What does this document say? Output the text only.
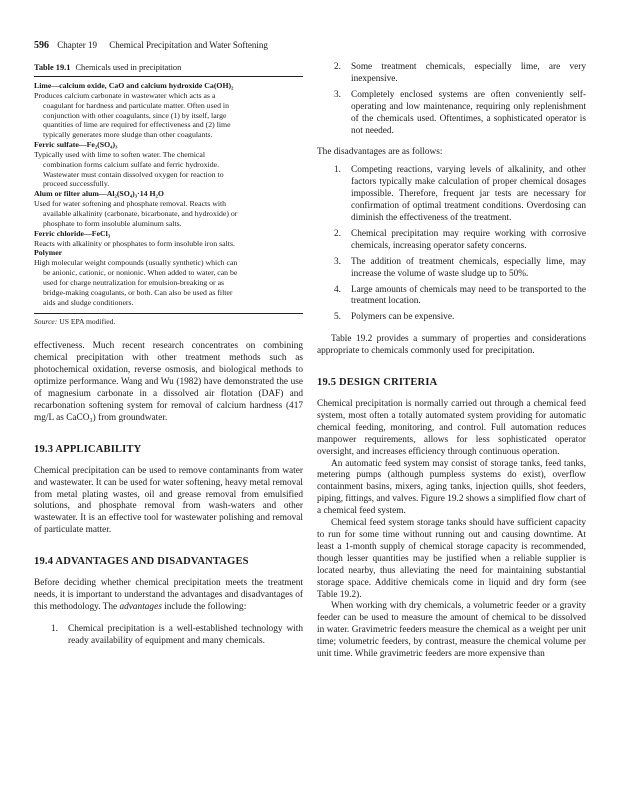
596 Chapter 19 Chemical Precipitation and Water Softening
Table 19.1 Chemicals used in precipitation
Lime—calcium oxide, CaO and calcium hydroxide Ca(OH)₂
Produces calcium carbonate in wastewater which acts as a
coagulant for hardness and particulate matter. Often used in
conjunction with other coagulants, since (1) by itself, large
quantities of lime are required for effectiveness and (2) lime
typically generates more sludge than other coagulants.
Ferric sulfate—Fe₂(SO₄)₃
Typically used with lime to soften water. The chemical
combination forms calcium sulfate and ferric hydroxide.
Wastewater must contain dissolved oxygen for reaction to
proceed successfully.
Alum or filter alum—Al₂(SO₄)₃·14 H₂O
Used for water softening and phosphate removal. Reacts with
available alkalinity (carbonate, bicarbonate, and hydroxide) or
phosphate to form insoluble aluminum salts.
Ferric chloride—FeCl₃
Reacts with alkalinity or phosphates to form insoluble iron salts.
Polymer
High molecular weight compounds (usually synthetic) which can
be anionic, cationic, or nonionic. When added to water, can be
used for charge neutralization for emulsion-breaking or as
bridge-making coagulants, or both. Can also be used as filter
aids and sludge conditioners.
Source: US EPA modified.

effectiveness. Much recent research concentrates on combining chemical precipitation with other treatment methods such as photochemical oxidation, reverse osmosis, and biological methods to optimize performance. Wang and Wu (1982) have demonstrated the use of magnesium carbonate in a dissolved air flotation (DAF) and recarbonation softening system for removal of calcium hardness (417 mg/L as CaCO₃) from groundwater.

19.3 APPLICABILITY

Chemical precipitation can be used to remove contaminants from water and wastewater. It can be used for water softening, heavy metal removal from metal plating wastes, oil and grease removal from emulsified solutions, and phosphate removal from wash-waters and other wastewater. It is an effective tool for wastewater polishing and removal of particulate matter.

19.4 ADVANTAGES AND DISADVANTAGES

Before deciding whether chemical precipitation meets the treatment needs, it is important to understand the advantages and disadvantages of this methodology. The advantages include the following:

1. Chemical precipitation is a well-established technology with ready availability of equipment and many chemicals.
2. Some treatment chemicals, especially lime, are very inexpensive.
3. Completely enclosed systems are often conveniently self-operating and low maintenance, requiring only replenishment of the chemicals used. Oftentimes, a sophisticated operator is not needed.

The disadvantages are as follows:

1. Competing reactions, varying levels of alkalinity, and other factors typically make calculation of proper chemical dosages impossible. Therefore, frequent jar tests are necessary for confirmation of optimal treatment conditions. Overdosing can diminish the effectiveness of the treatment.
2. Chemical precipitation may require working with corrosive chemicals, increasing operator safety concerns.
3. The addition of treatment chemicals, especially lime, may increase the volume of waste sludge up to 50%.
4. Large amounts of chemicals may need to be transported to the treatment location.
5. Polymers can be expensive.

Table 19.2 provides a summary of properties and considerations appropriate to chemicals commonly used for precipitation.

19.5 DESIGN CRITERIA

Chemical precipitation is normally carried out through a chemical feed system, most often a totally automated system providing for automatic chemical feeding, monitoring, and control. Full automation reduces manpower requirements, allows for less sophisticated operator oversight, and increases efficiency through continuous operation.

An automatic feed system may consist of storage tanks, feed tanks, metering pumps (although pumpless systems do exist), overflow containment basins, mixers, aging tanks, injection quills, shot feeders, piping, fittings, and valves. Figure 19.2 shows a simplified flow chart of a chemical feed system.

Chemical feed system storage tanks should have sufficient capacity to run for some time without running out and causing downtime. At least a 1-month supply of chemical storage capacity is recommended, though lesser quantities may be justified when a reliable supplier is located nearby, thus alleviating the need for maintaining substantial storage space. Additive chemicals come in liquid and dry form (see Table 19.2).

When working with dry chemicals, a volumetric feeder or a gravity feeder can be used to measure the amount of chemical to be dissolved in water. Gravimetric feeders measure the chemical as a weight per unit time; volumetric feeders, by contrast, measure the chemical volume per unit time. While gravimetric feeders are more expensive than
